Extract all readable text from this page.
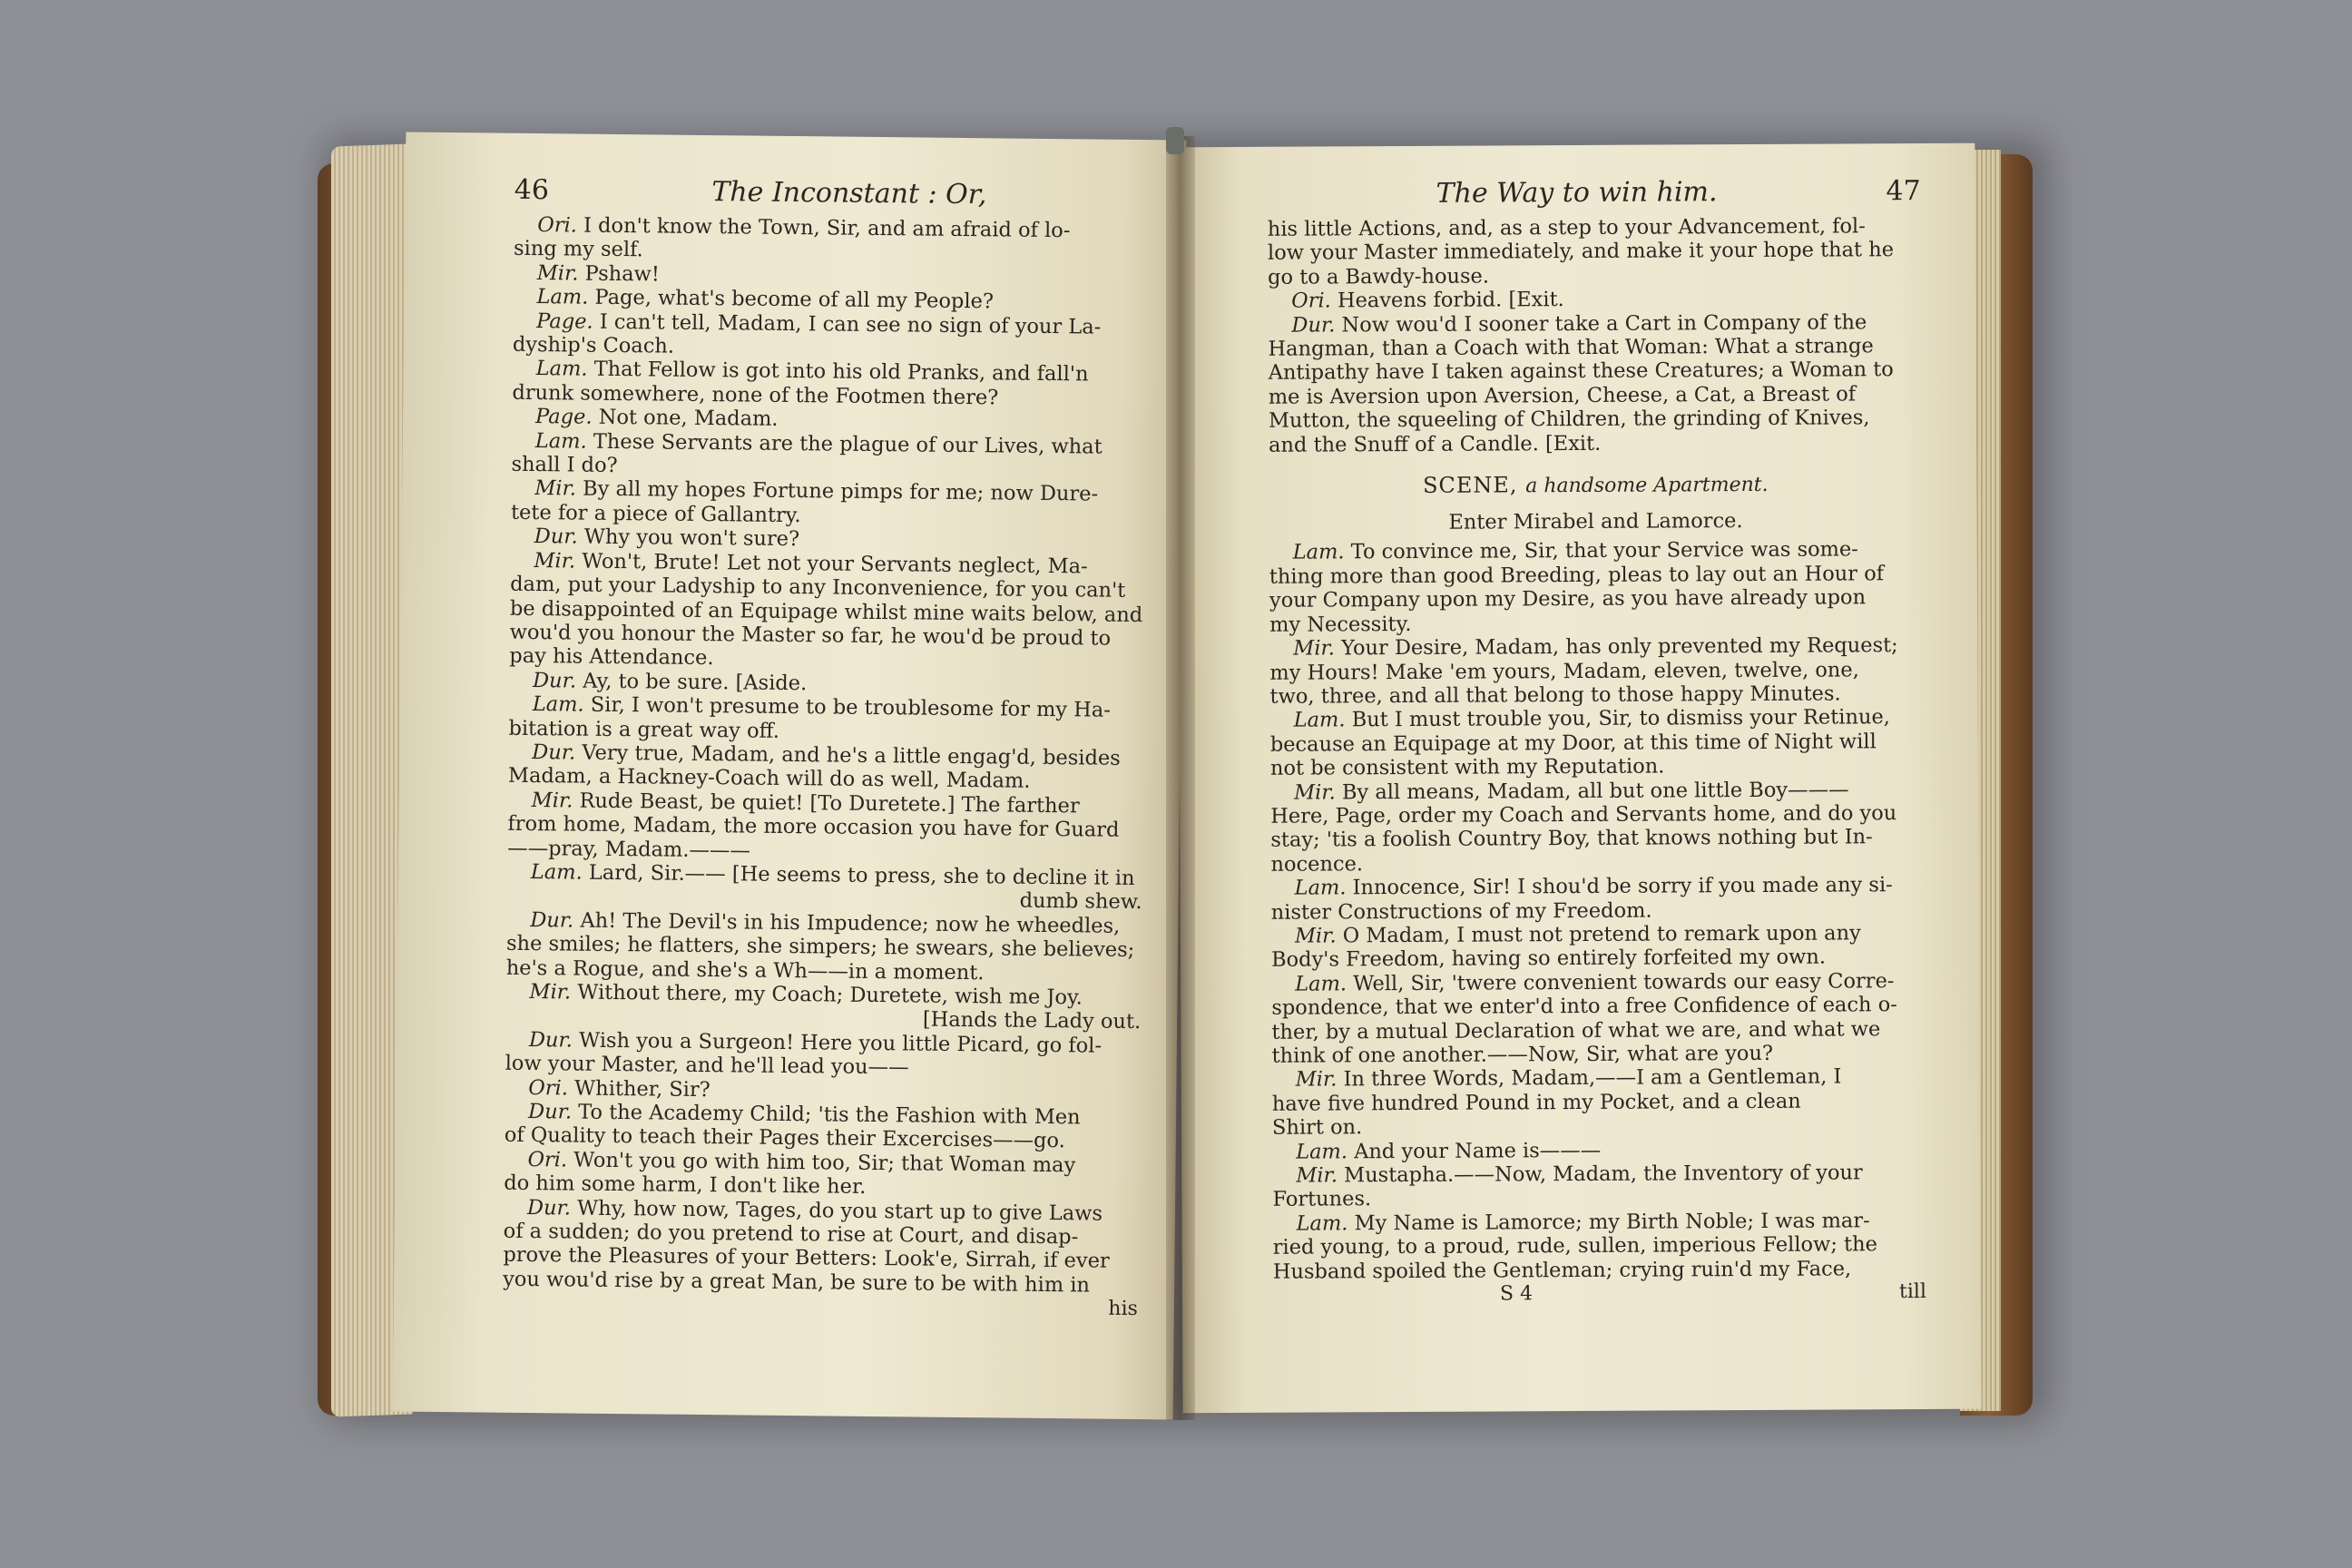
46	The Inconstant : Or,

Ori. I don't know the Town, Sir, and am afraid of lo-

sing my self.

Mir. Pshaw!

Lam. Page, what's become of all my People?

Page. I can't tell, Madam, I can see no sign of your La-

dyship's Coach.

Lam. That Fellow is got into his old Pranks, and fall'n

drunk somewhere, none of the Footmen there?

Page. Not one, Madam.

Lam. These Servants are the plague of our Lives, what

shall I do?

Mir. By all my hopes Fortune pimps for me; now Dure-

tete for a piece of Gallantry.

Dur. Why you won't sure?

Mir. Won't, Brute! Let not your Servants neglect, Ma-

dam, put your Ladyship to any Inconvenience, for you can't

be disappointed of an Equipage whilst mine waits below, and

wou'd you honour the Master so far, he wou'd be proud to

pay his Attendance.

Dur. Ay, to be sure. [Aside.

Lam. Sir, I won't presume to be troublesome for my Ha-

bitation is a great way off.

Dur. Very true, Madam, and he's a little engag'd, besides

Madam, a Hackney-Coach will do as well, Madam.

Mir. Rude Beast, be quiet! [To Duretete.] The farther

from home, Madam, the more occasion you have for Guard

——pray, Madam.———

Lam. Lard, Sir.—— [He seems to press, she to decline it in

dumb shew.

Dur. Ah! The Devil's in his Impudence; now he wheedles,

she smiles; he flatters, she simpers; he swears, she believes;

he's a Rogue, and she's a Wh——in a moment.

Mir. Without there, my Coach; Duretete, wish me Joy.

[Hands the Lady out.

Dur. Wish you a Surgeon! Here you little Picard, go fol-

low your Master, and he'll lead you——

Ori. Whither, Sir?

Dur. To the Academy Child; 'tis the Fashion with Men

of Quality to teach their Pages their Excercises——go.

Ori. Won't you go with him too, Sir; that Woman may

do him some harm, I don't like her.

Dur. Why, how now, Tages, do you start up to give Laws

of a sudden; do you pretend to rise at Court, and disap-

prove the Pleasures of your Betters: Look'e, Sirrah, if ever

you wou'd rise by a great Man, be sure to be with him in

his
The Way to win him.	47

his little Actions, and, as a step to your Advancement, fol-

low your Master immediately, and make it your hope that he

go to a Bawdy-house.

Ori. Heavens forbid. [Exit.

Dur. Now wou'd I sooner take a Cart in Company of the

Hangman, than a Coach with that Woman: What a strange

Antipathy have I taken against these Creatures; a Woman to

me is Aversion upon Aversion, Cheese, a Cat, a Breast of

Mutton, the squeeling of Children, the grinding of Knives,

and the Snuff of a Candle. [Exit.

SCENE, a handsome Apartment.
Enter Mirabel and Lamorce.

Lam. To convince me, Sir, that your Service was some-

thing more than good Breeding, pleas to lay out an Hour of

your Company upon my Desire, as you have already upon

my Necessity.

Mir. Your Desire, Madam, has only prevented my Request;

my Hours! Make 'em yours, Madam, eleven, twelve, one,

two, three, and all that belong to those happy Minutes.

Lam. But I must trouble you, Sir, to dismiss your Retinue,

because an Equipage at my Door, at this time of Night will

not be consistent with my Reputation.

Mir. By all means, Madam, all but one little Boy———

Here, Page, order my Coach and Servants home, and do you

stay; 'tis a foolish Country Boy, that knows nothing but In-

nocence.

Lam. Innocence, Sir! I shou'd be sorry if you made any si-

nister Constructions of my Freedom.

Mir. O Madam, I must not pretend to remark upon any

Body's Freedom, having so entirely forfeited my own.

Lam. Well, Sir, 'twere convenient towards our easy Corre-

spondence, that we enter'd into a free Confidence of each o-

ther, by a mutual Declaration of what we are, and what we

think of one another.——Now, Sir, what are you?

Mir. In three Words, Madam,——I am a Gentleman, I

have five hundred Pound in my Pocket, and a clean

Shirt on.

Lam. And your Name is———

Mir. Mustapha.——Now, Madam, the Inventory of your

Fortunes.

Lam. My Name is Lamorce; my Birth Noble; I was mar-

ried young, to a proud, rude, sullen, imperious Fellow; the

Husband spoiled the Gentleman; crying ruin'd my Face,

S 4	till
